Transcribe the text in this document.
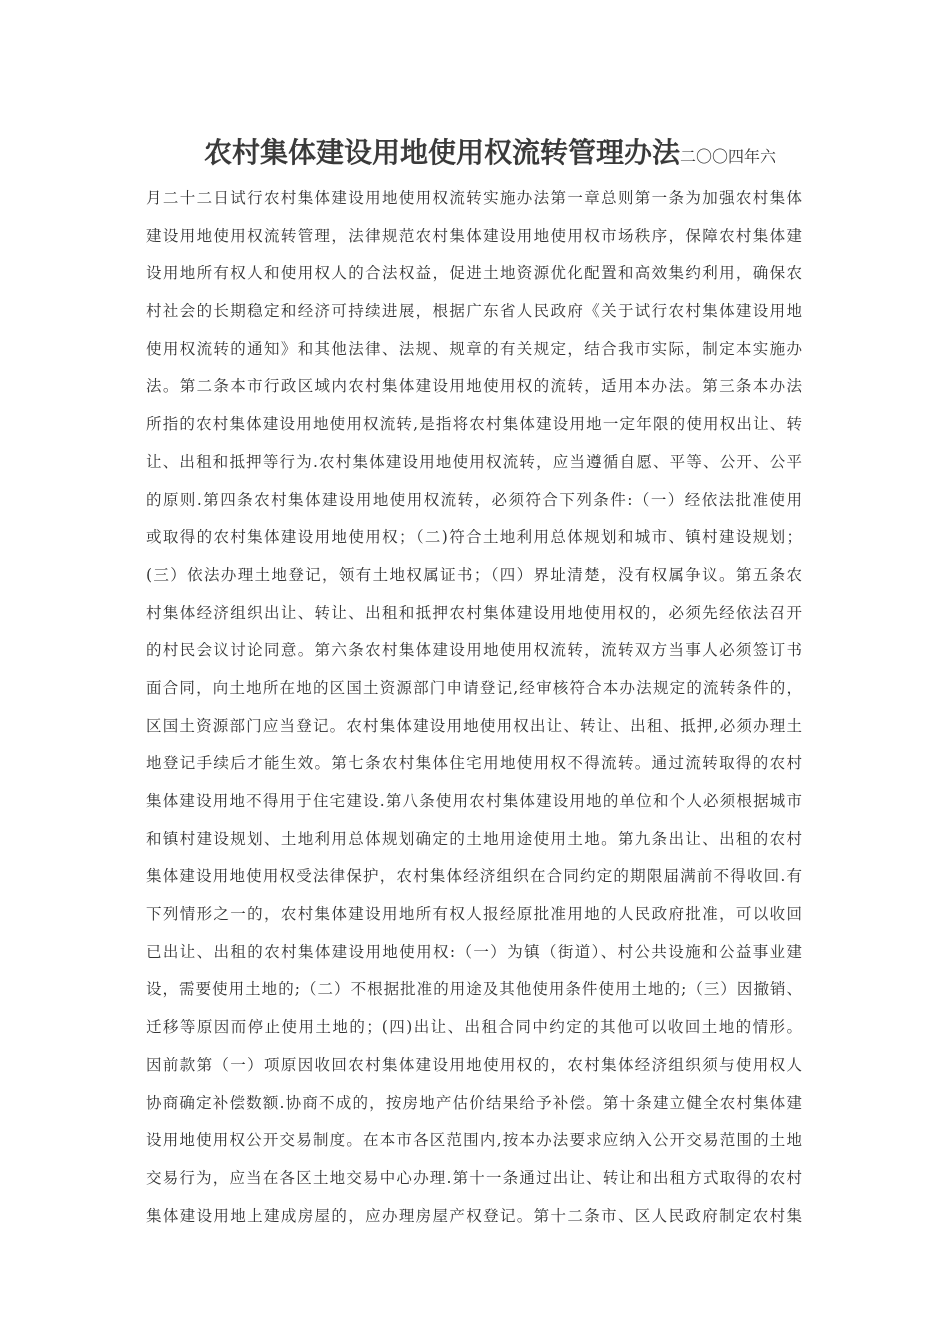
农村集体建设用地使用权流转管理办法二〇〇四年六
月二十二日试行农村集体建设用地使用权流转实施办法第一章总则第一条为加强农村集体
建设用地使用权流转管理，法律规范农村集体建设用地使用权市场秩序，保障农村集体建
设用地所有权人和使用权人的合法权益，促进土地资源优化配置和高效集约利用，确保农
村社会的长期稳定和经济可持续进展，根据广东省人民政府《关于试行农村集体建设用地
使用权流转的通知》和其他法律、法规、规章的有关规定，结合我市实际，制定本实施办
法。第二条本市行政区域内农村集体建设用地使用权的流转，适用本办法。第三条本办法
所指的农村集体建设用地使用权流转,是指将农村集体建设用地一定年限的使用权出让、转
让、出租和抵押等行为.农村集体建设用地使用权流转，应当遵循自愿、平等、公开、公平
的原则.第四条农村集体建设用地使用权流转，必须符合下列条件:（一）经依法批准使用
或取得的农村集体建设用地使用权；（二)符合土地利用总体规划和城市、镇村建设规划；
(三）依法办理土地登记，领有土地权属证书；（四）界址清楚，没有权属争议。第五条农
村集体经济组织出让、转让、出租和抵押农村集体建设用地使用权的，必须先经依法召开
的村民会议讨论同意。第六条农村集体建设用地使用权流转，流转双方当事人必须签订书
面合同，向土地所在地的区国土资源部门申请登记,经审核符合本办法规定的流转条件的，
区国土资源部门应当登记。农村集体建设用地使用权出让、转让、出租、抵押,必须办理土
地登记手续后才能生效。第七条农村集体住宅用地使用权不得流转。通过流转取得的农村
集体建设用地不得用于住宅建设.第八条使用农村集体建设用地的单位和个人必须根据城市
和镇村建设规划、土地利用总体规划确定的土地用途使用土地。第九条出让、出租的农村
集体建设用地使用权受法律保护，农村集体经济组织在合同约定的期限届满前不得收回.有
下列情形之一的，农村集体建设用地所有权人报经原批准用地的人民政府批准，可以收回
已出让、出租的农村集体建设用地使用权:（一）为镇（街道）、村公共设施和公益事业建
设，需要使用土地的;（二）不根据批准的用途及其他使用条件使用土地的;（三）因撤销、
迁移等原因而停止使用土地的；(四)出让、出租合同中约定的其他可以收回土地的情形。
因前款第（一）项原因收回农村集体建设用地使用权的，农村集体经济组织须与使用权人
协商确定补偿数额.协商不成的，按房地产估价结果给予补偿。第十条建立健全农村集体建
设用地使用权公开交易制度。在本市各区范围内,按本办法要求应纳入公开交易范围的土地
交易行为，应当在各区土地交易中心办理.第十一条通过出让、转让和出租方式取得的农村
集体建设用地上建成房屋的，应办理房屋产权登记。第十二条市、区人民政府制定农村集
